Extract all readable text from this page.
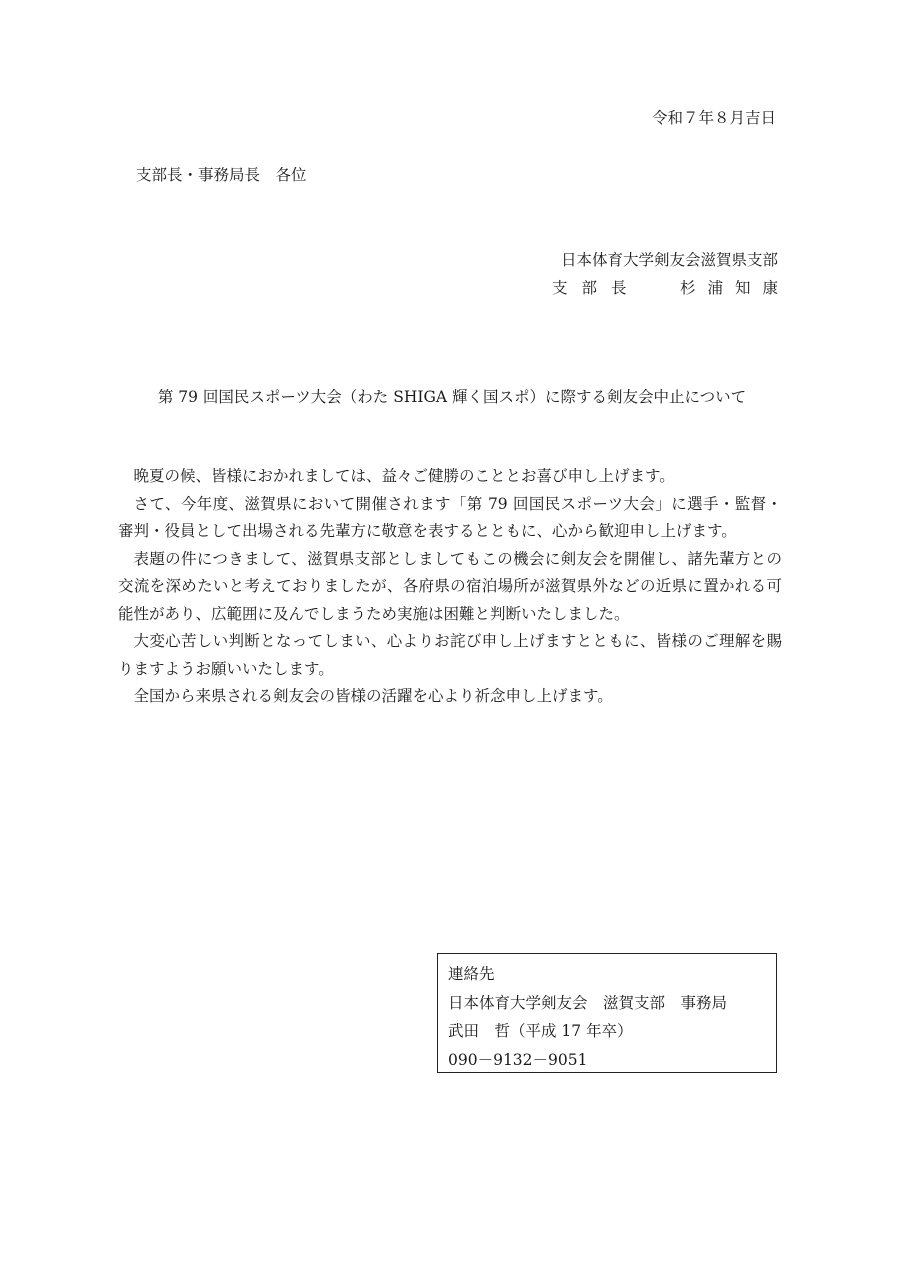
令和７年８月吉日
支部長・事務局長　各位
日本体育大学剣友会滋賀県支部
支部長	杉浦知康
第 79 回国民スポーツ大会（わた SHIGA 輝く国スポ）に際する剣友会中止について

晩夏の候、皆様におかれましては、益々ご健勝のこととお喜び申し上げます。

さて、今年度、滋賀県において開催されます「第 79 回国民スポーツ大会」に選手・監督・審判・役員として出場される先輩方に敬意を表するとともに、心から歓迎申し上げます。

表題の件につきまして、滋賀県支部としましてもこの機会に剣友会を開催し、諸先輩方との交流を深めたいと考えておりましたが、各府県の宿泊場所が滋賀県外などの近県に置かれる可能性があり、広範囲に及んでしまうため実施は困難と判断いたしました。

大変心苦しい判断となってしまい、心よりお詫び申し上げますとともに、皆様のご理解を賜りますようお願いいたします。

全国から来県される剣友会の皆様の活躍を心より祈念申し上げます。

連絡先
日本体育大学剣友会　滋賀支部　事務局
武田　哲（平成 17 年卒）
090－9132－9051
